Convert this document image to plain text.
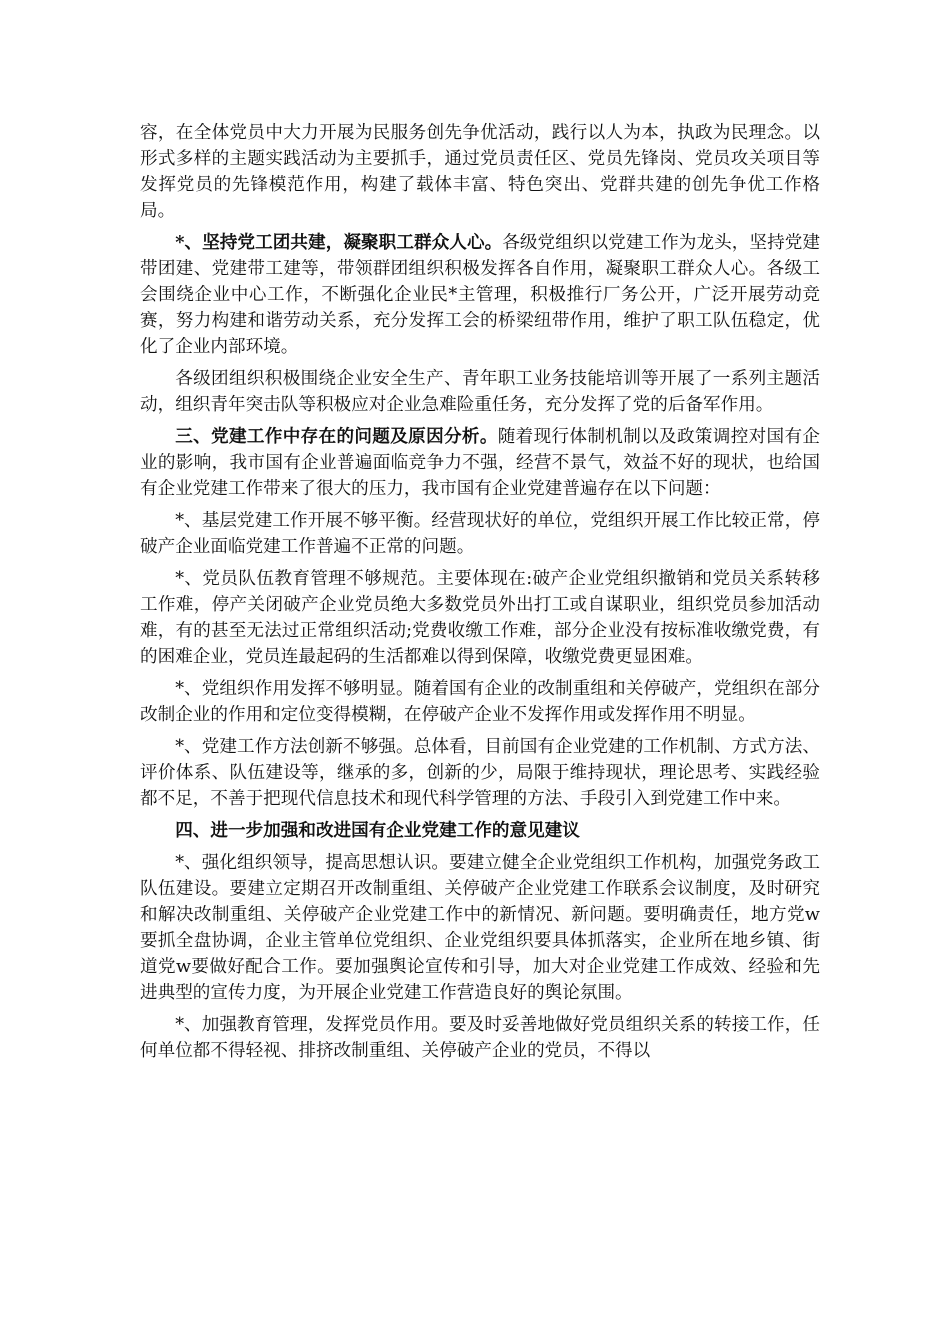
容，在全体党员中大力开展为民服务创先争优活动，践行以人为本，执政为民理念。以形式多样的主题实践活动为主要抓手，通过党员责任区、党员先锋岗、党员攻关项目等发挥党员的先锋模范作用，构建了载体丰富、特色突出、党群共建的创先争优工作格局。

*、坚持党工团共建，凝聚职工群众人心。各级党组织以党建工作为龙头，坚持党建带团建、党建带工建等，带领群团组织积极发挥各自作用，凝聚职工群众人心。各级工会围绕企业中心工作，不断强化企业民*主管理，积极推行厂务公开，广泛开展劳动竞赛，努力构建和谐劳动关系，充分发挥工会的桥梁纽带作用，维护了职工队伍稳定，优化了企业内部环境。

各级团组织积极围绕企业安全生产、青年职工业务技能培训等开展了一系列主题活动，组织青年突击队等积极应对企业急难险重任务，充分发挥了党的后备军作用。

三、党建工作中存在的问题及原因分析。随着现行体制机制以及政策调控对国有企业的影响，我市国有企业普遍面临竞争力不强，经营不景气，效益不好的现状，也给国有企业党建工作带来了很大的压力，我市国有企业党建普遍存在以下问题：

*、基层党建工作开展不够平衡。经营现状好的单位，党组织开展工作比较正常，停破产企业面临党建工作普遍不正常的问题。

*、党员队伍教育管理不够规范。主要体现在:破产企业党组织撤销和党员关系转移工作难，停产关闭破产企业党员绝大多数党员外出打工或自谋职业，组织党员参加活动难，有的甚至无法过正常组织活动;党费收缴工作难，部分企业没有按标准收缴党费，有的困难企业，党员连最起码的生活都难以得到保障，收缴党费更显困难。

*、党组织作用发挥不够明显。随着国有企业的改制重组和关停破产，党组织在部分改制企业的作用和定位变得模糊，在停破产企业不发挥作用或发挥作用不明显。

*、党建工作方法创新不够强。总体看，目前国有企业党建的工作机制、方式方法、评价体系、队伍建设等，继承的多，创新的少，局限于维持现状，理论思考、实践经验都不足，不善于把现代信息技术和现代科学管理的方法、手段引入到党建工作中来。

四、进一步加强和改进国有企业党建工作的意见建议

*、强化组织领导，提高思想认识。要建立健全企业党组织工作机构，加强党务政工队伍建设。要建立定期召开改制重组、关停破产企业党建工作联系会议制度，及时研究和解决改制重组、关停破产企业党建工作中的新情况、新问题。要明确责任，地方党w要抓全盘协调，企业主管单位党组织、企业党组织要具体抓落实，企业所在地乡镇、街道党w要做好配合工作。要加强舆论宣传和引导，加大对企业党建工作成效、经验和先进典型的宣传力度，为开展企业党建工作营造良好的舆论氛围。

*、加强教育管理，发挥党员作用。要及时妥善地做好党员组织关系的转接工作，任何单位都不得轻视、排挤改制重组、关停破产企业的党员，不得以
